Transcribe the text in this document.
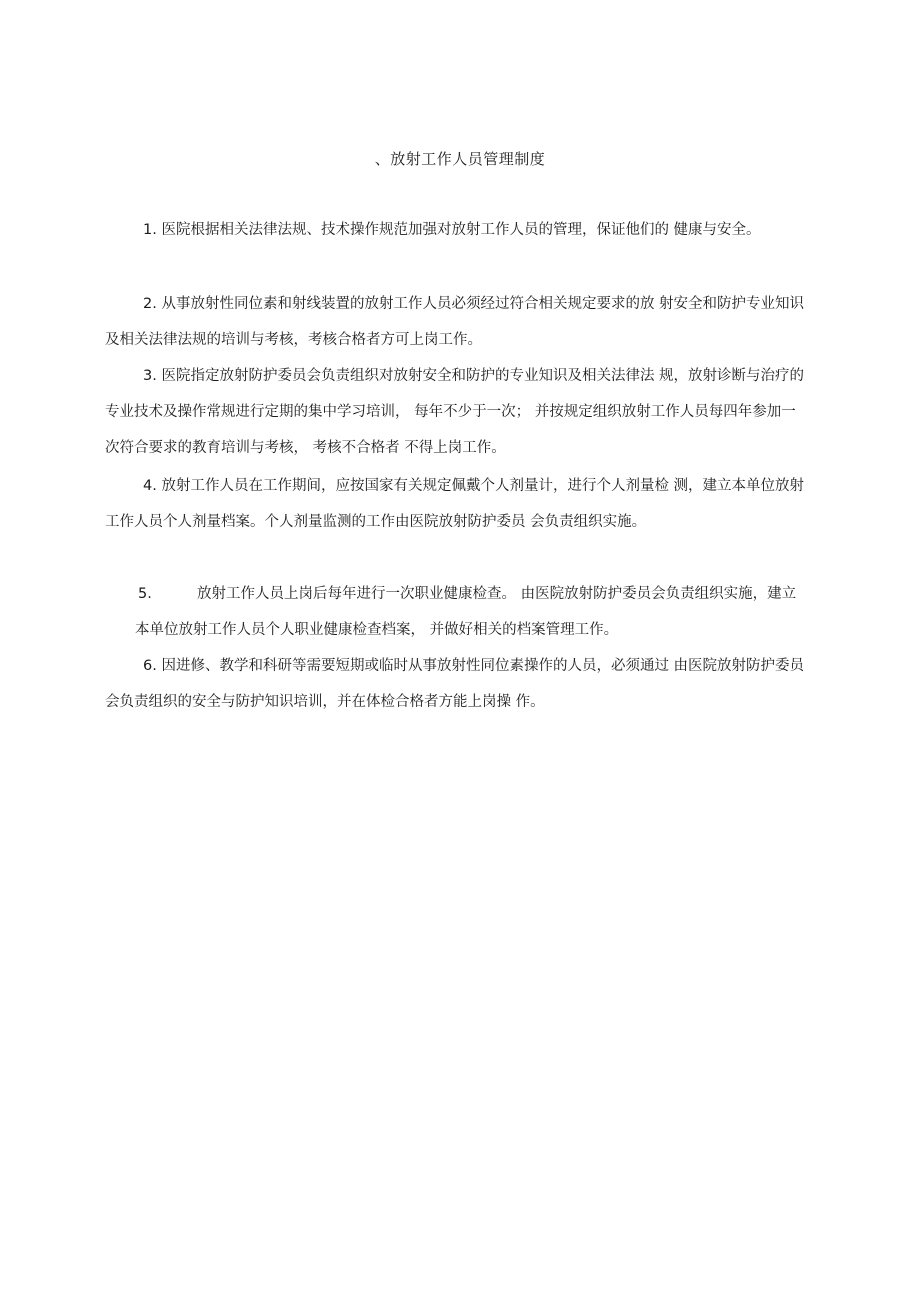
、放射工作人员管理制度

1. 医院根据相关法律法规、技术操作规范加强对放射工作人员的管理，保证他们的 健康与安全。

2. 从事放射性同位素和射线装置的放射工作人员必须经过符合相关规定要求的放 射安全和防护专业知识及相关法律法规的培训与考核，考核合格者方可上岗工作。

3. 医院指定放射防护委员会负责组织对放射安全和防护的专业知识及相关法律法 规，放射诊断与治疗的专业技术及操作常规进行定期的集中学习培训， 每年不少于一次； 并按规定组织放射工作人员每四年参加一次符合要求的教育培训与考核， 考核不合格者 不得上岗工作。

4. 放射工作人员在工作期间，应按国家有关规定佩戴个人剂量计，进行个人剂量检 测，建立本单位放射工作人员个人剂量档案。个人剂量监测的工作由医院放射防护委员 会负责组织实施。

5.	放射工作人员上岗后每年进行一次职业健康检查。 由医院放射防护委员会负责组织实施，建立本单位放射工作人员个人职业健康检查档案， 并做好相关的档案管理工作。

6. 因进修、教学和科研等需要短期或临时从事放射性同位素操作的人员，必须通过 由医院放射防护委员会负责组织的安全与防护知识培训，并在体检合格者方能上岗操 作。
